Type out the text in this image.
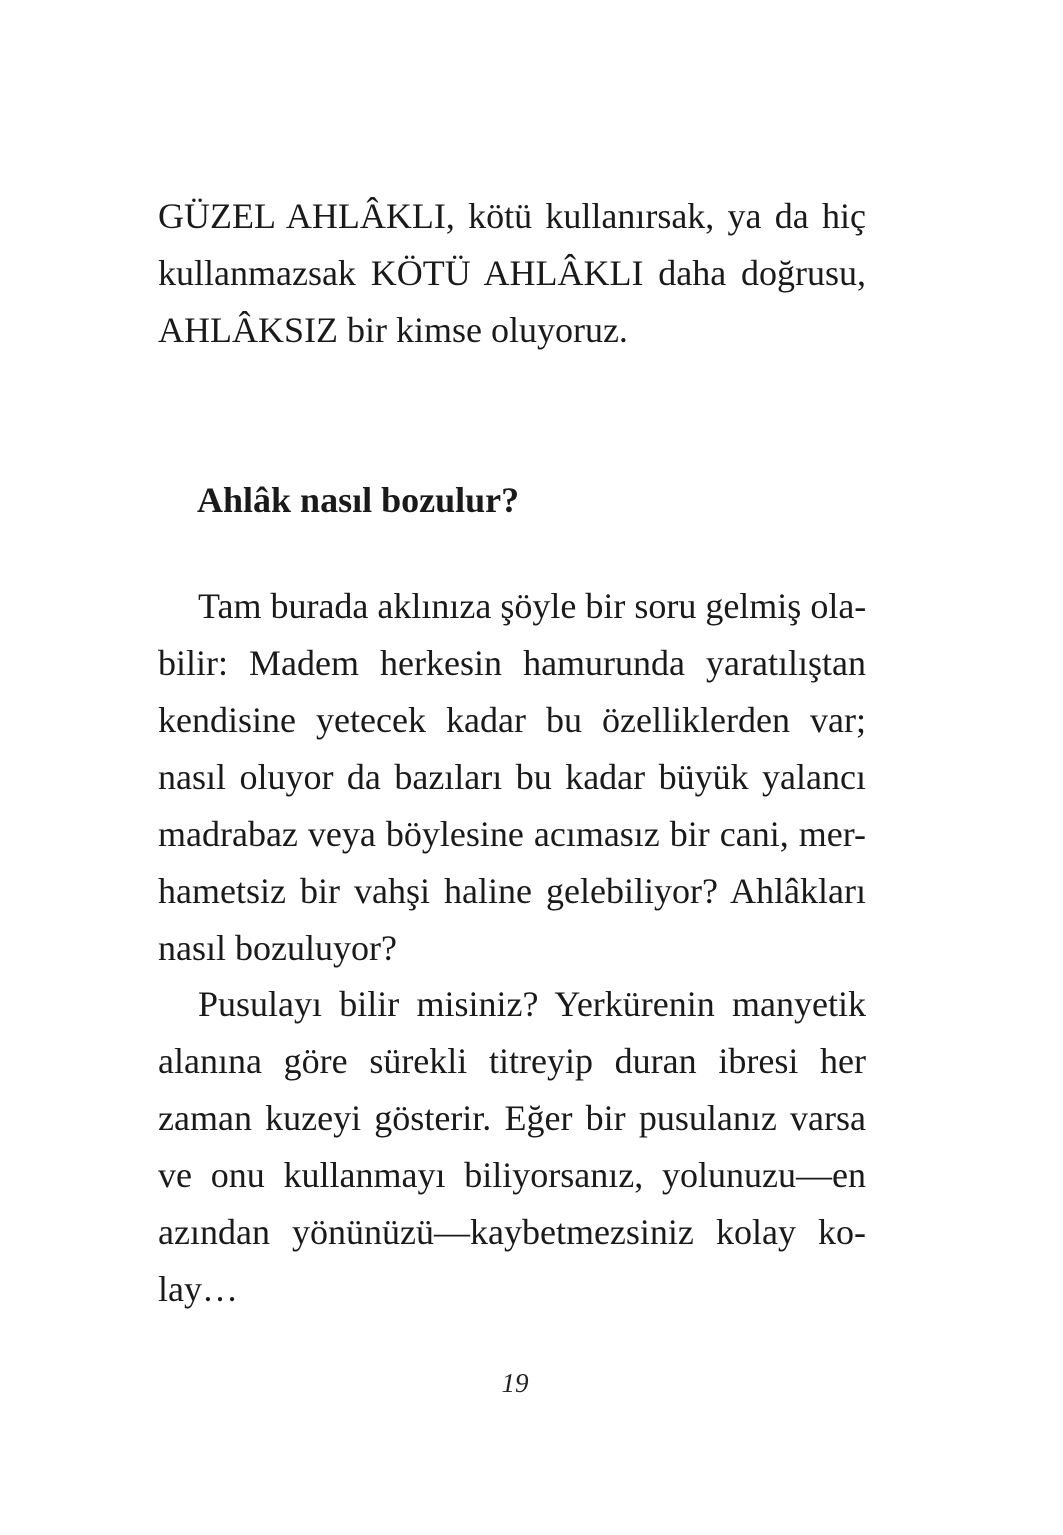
GÜZEL AHLÂKLI, kötü kullanırsak, ya da hiç
kullanmazsak KÖTÜ AHLÂKLI daha doğrusu,
AHLÂKSIZ bir kimse oluyoruz.
Ahlâk nasıl bozulur?
Tam burada aklınıza şöyle bir soru gelmiş ola-
bilir: Madem herkesin hamurunda yaratılıştan
kendisine yetecek kadar bu özelliklerden var;
nasıl oluyor da bazıları bu kadar büyük yalancı
madrabaz veya böylesine acımasız bir cani, mer-
hametsiz bir vahşi haline gelebiliyor? Ahlâkları
nasıl bozuluyor?
Pusulayı bilir misiniz? Yerkürenin manyetik
alanına göre sürekli titreyip duran ibresi her
zaman kuzeyi gösterir. Eğer bir pusulanız varsa
ve onu kullanmayı biliyorsanız, yolunuzu—en
azından yönünüzü—kaybetmezsiniz kolay ko-
lay…
19
